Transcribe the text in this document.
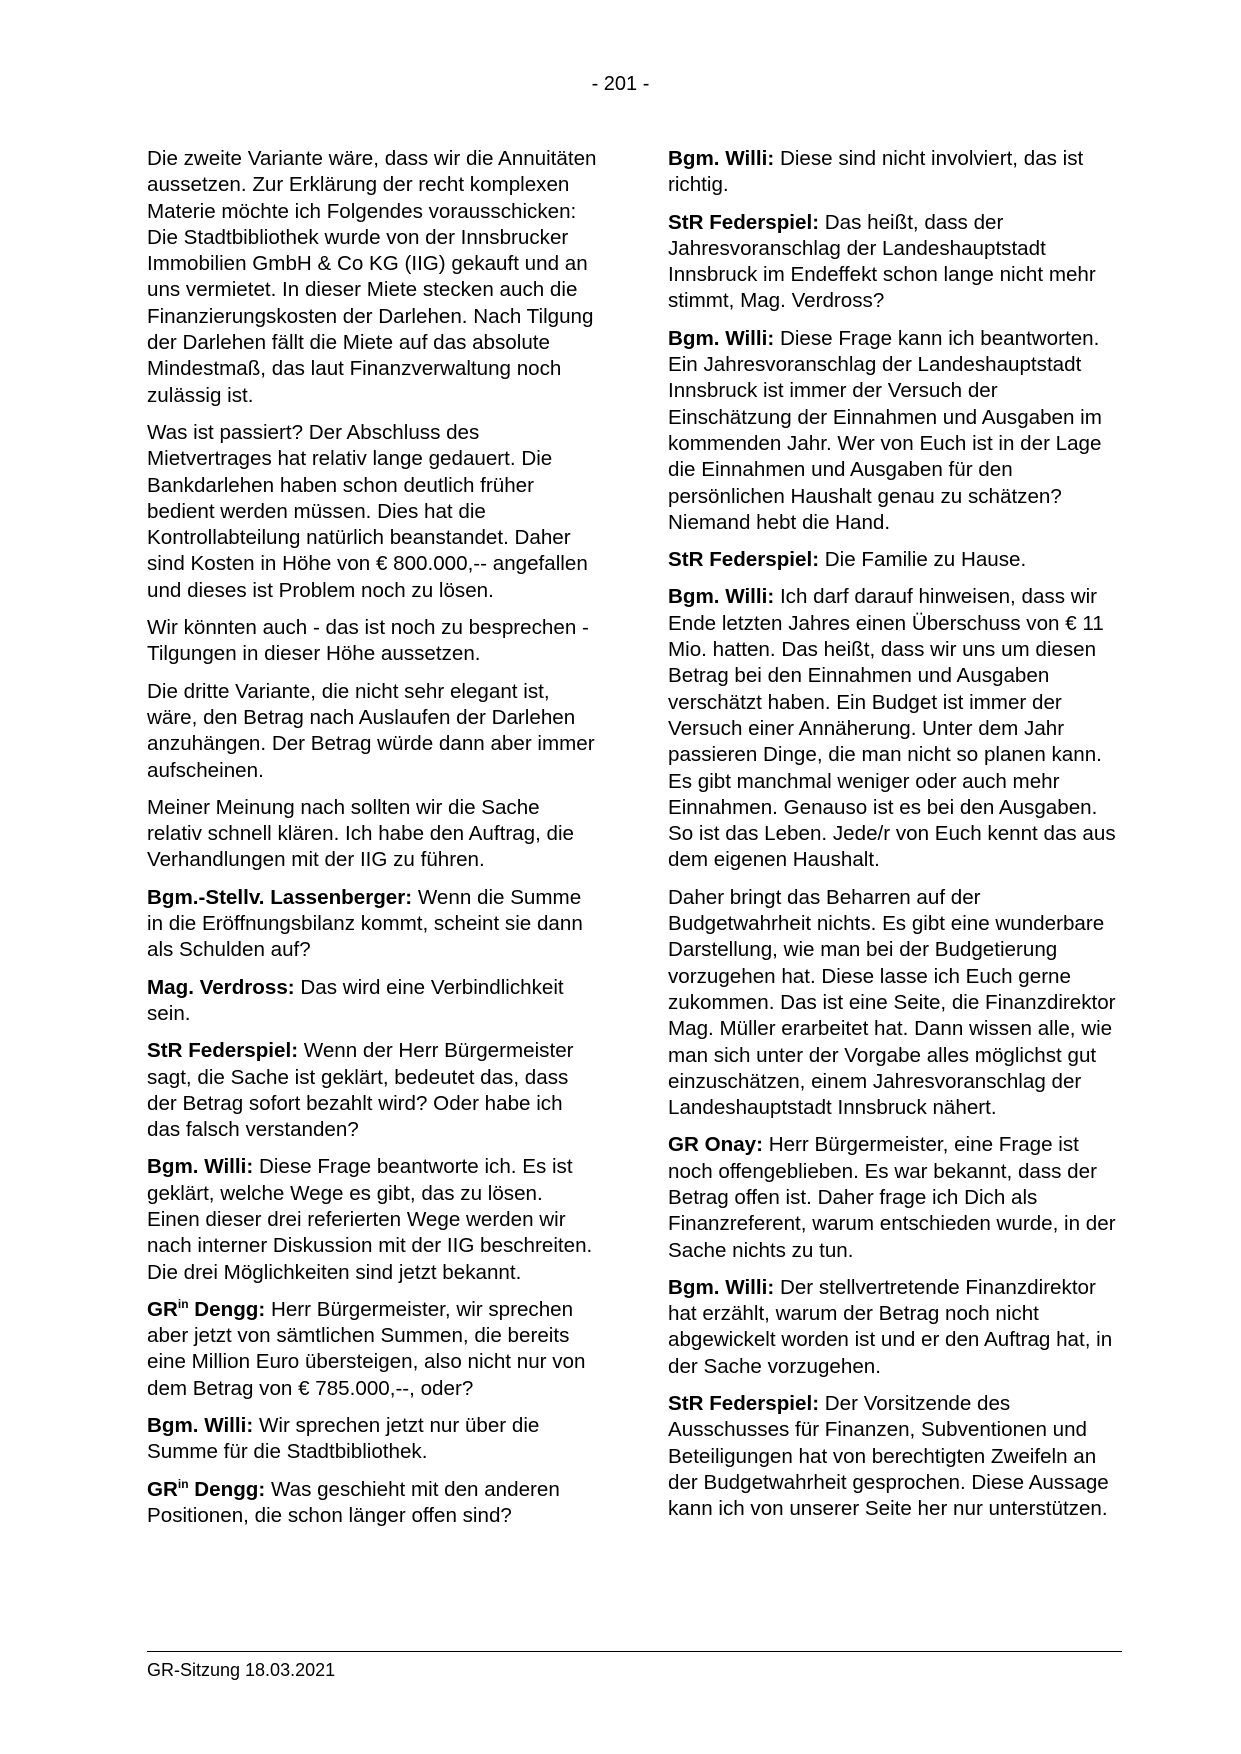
- 201 -

Die zweite Variante wäre, dass wir die Annuitäten aussetzen. Zur Erklärung der recht komplexen Materie möchte ich Folgendes vorausschicken: Die Stadtbibliothek wurde von der Innsbrucker Immobilien GmbH & Co KG (IIG) gekauft und an uns vermietet. In dieser Miete stecken auch die Finanzierungskosten der Darlehen. Nach Tilgung der Darlehen fällt die Miete auf das absolute Mindestmaß, das laut Finanzverwaltung noch zulässig ist.

Was ist passiert? Der Abschluss des Mietvertrages hat relativ lange gedauert. Die Bankdarlehen haben schon deutlich früher bedient werden müssen. Dies hat die Kontrollabteilung natürlich beanstandet. Daher sind Kosten in Höhe von € 800.000,-- angefallen und dieses ist Problem noch zu lösen.

Wir könnten auch - das ist noch zu besprechen - Tilgungen in dieser Höhe aussetzen.

Die dritte Variante, die nicht sehr elegant ist, wäre, den Betrag nach Auslaufen der Darlehen anzuhängen. Der Betrag würde dann aber immer aufscheinen.

Meiner Meinung nach sollten wir die Sache relativ schnell klären. Ich habe den Auftrag, die Verhandlungen mit der IIG zu führen.

Bgm.-Stellv. Lassenberger: Wenn die Summe in die Eröffnungsbilanz kommt, scheint sie dann als Schulden auf?

Mag. Verdross: Das wird eine Verbindlichkeit sein.

StR Federspiel: Wenn der Herr Bürgermeister sagt, die Sache ist geklärt, bedeutet das, dass der Betrag sofort bezahlt wird? Oder habe ich das falsch verstanden?

Bgm. Willi: Diese Frage beantworte ich. Es ist geklärt, welche Wege es gibt, das zu lösen. Einen dieser drei referierten Wege werden wir nach interner Diskussion mit der IIG beschreiten. Die drei Möglichkeiten sind jetzt bekannt.

$GR^{in}$ Dengg: Herr Bürgermeister, wir sprechen aber jetzt von sämtlichen Summen, die bereits eine Million Euro übersteigen, also nicht nur von dem Betrag von € 785.000,--, oder?

Bgm. Willi: Wir sprechen jetzt nur über die Summe für die Stadtbibliothek.

$GR^{in}$ Dengg: Was geschieht mit den anderen Positionen, die schon länger offen sind?

Bgm. Willi: Diese sind nicht involviert, das ist richtig.

StR Federspiel: Das heißt, dass der Jahresvoranschlag der Landeshauptstadt Innsbruck im Endeffekt schon lange nicht mehr stimmt, Mag. Verdross?

Bgm. Willi: Diese Frage kann ich beantworten. Ein Jahresvoranschlag der Landeshauptstadt Innsbruck ist immer der Versuch der Einschätzung der Einnahmen und Ausgaben im kommenden Jahr. Wer von Euch ist in der Lage die Einnahmen und Ausgaben für den persönlichen Haushalt genau zu schätzen? Niemand hebt die Hand.

StR Federspiel: Die Familie zu Hause.

Bgm. Willi: Ich darf darauf hinweisen, dass wir Ende letzten Jahres einen Überschuss von € 11 Mio. hatten. Das heißt, dass wir uns um diesen Betrag bei den Einnahmen und Ausgaben verschätzt haben. Ein Budget ist immer der Versuch einer Annäherung. Unter dem Jahr passieren Dinge, die man nicht so planen kann. Es gibt manchmal weniger oder auch mehr Einnahmen. Genauso ist es bei den Ausgaben. So ist das Leben. Jede/r von Euch kennt das aus dem eigenen Haushalt.

Daher bringt das Beharren auf der Budgetwahrheit nichts. Es gibt eine wunderbare Darstellung, wie man bei der Budgetierung vorzugehen hat. Diese lasse ich Euch gerne zukommen. Das ist eine Seite, die Finanzdirektor Mag. Müller erarbeitet hat. Dann wissen alle, wie man sich unter der Vorgabe alles möglichst gut einzuschätzen, einem Jahresvoranschlag der Landeshauptstadt Innsbruck nähert.

GR Onay: Herr Bürgermeister, eine Frage ist noch offengeblieben. Es war bekannt, dass der Betrag offen ist. Daher frage ich Dich als Finanzreferent, warum entschieden wurde, in der Sache nichts zu tun.

Bgm. Willi: Der stellvertretende Finanzdirektor hat erzählt, warum der Betrag noch nicht abgewickelt worden ist und er den Auftrag hat, in der Sache vorzugehen.

StR Federspiel: Der Vorsitzende des Ausschusses für Finanzen, Subventionen und Beteiligungen hat von berechtigten Zweifeln an der Budgetwahrheit gesprochen. Diese Aussage kann ich von unserer Seite her nur unterstützen.

GR-Sitzung 18.03.2021
